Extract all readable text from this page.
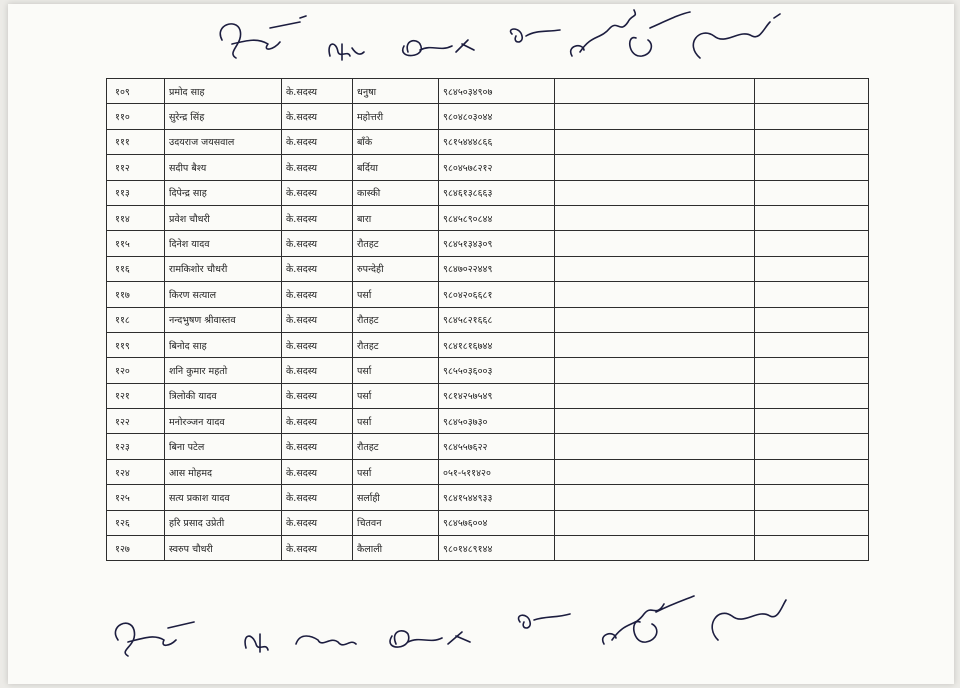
१०९	प्रमोद साह	के.सदस्य	धनुषा	९८४५०३४९०७		
११०	सुरेन्द्र सिंह	के.सदस्य	महोत्तरी	९८०४८०३०४४		
१११	उदयराज जयसवाल	के.सदस्य	बाँके	९८१५४४४८६६		
११२	सदीप बैश्य	के.सदस्य	बर्दिया	९८०४५७८२१२		
११३	दिपेन्द्र साह	के.सदस्य	कास्की	९८४६१३८६६३		
११४	प्रवेश चौधरी	के.सदस्य	बारा	९८४५८९०८४४		
११५	दिनेश यादव	के.सदस्य	रौतहट	९८४५१३४३०९		
११६	रामकिशोर चौधरी	के.सदस्य	रुपन्देही	९८४७०२२४४९		
११७	किरण सत्याल	के.सदस्य	पर्सा	९८०४२०६६८१		
११८	नन्दभुषण श्रीवास्तव	के.सदस्य	रौतहट	९८४५८२१६६८		
११९	बिनोद साह	के.सदस्य	रौतहट	९८४१८१६७४४		
१२०	शनि कुमार महतो	के.सदस्य	पर्सा	९८५५०३६००३		
१२१	त्रिलोकी यादव	के.सदस्य	पर्सा	९८१४२५७५४९		
१२२	मनोरञ्जन यादव	के.सदस्य	पर्सा	९८४५०३७३०		
१२३	बिना पटेल	के.सदस्य	रौतहट	९८४५५७६२२		
१२४	आस मोहमद	के.सदस्य	पर्सा	०५१-५११४२०		
१२५	सत्य प्रकाश यादव	के.सदस्य	सर्लाही	९८४१५४४९३३		
१२६	हरि प्रसाद उप्रेती	के.सदस्य	चितवन	९८४५७६००४		
१२७	स्वरुप चौधरी	के.सदस्य	कैलाली	९८०१४८९१४४		
